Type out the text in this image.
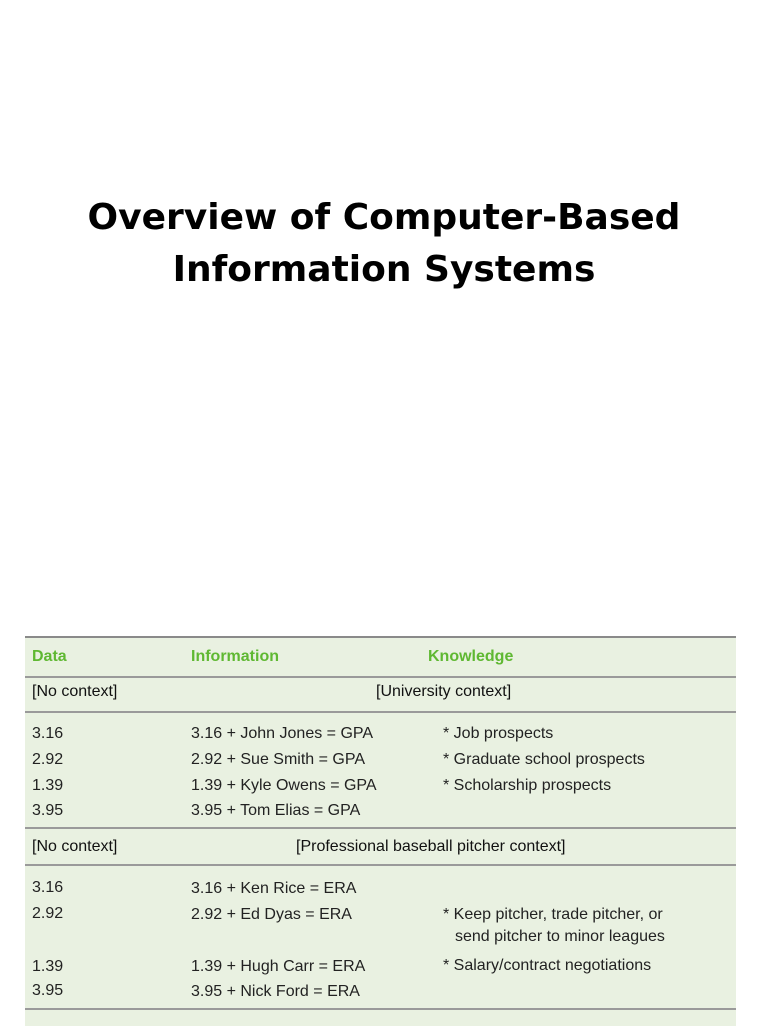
Overview of Computer-Based
Information Systems
Data	Information	Knowledge
[No context]	[University context]
3.16	3.16 + John Jones = GPA	* Job prospects
2.92	2.92 + Sue Smith = GPA	* Graduate school prospects
1.39	1.39 + Kyle Owens = GPA	* Scholarship prospects
3.95	3.95 + Tom Elias = GPA
[No context]	[Professional baseball pitcher context]
3.16	3.16 + Ken Rice = ERA
2.92	2.92 + Ed Dyas = ERA	* Keep pitcher, trade pitcher, or
send pitcher to minor leagues
1.39	1.39 + Hugh Carr = ERA	* Salary/contract negotiations
3.95	3.95 + Nick Ford = ERA
